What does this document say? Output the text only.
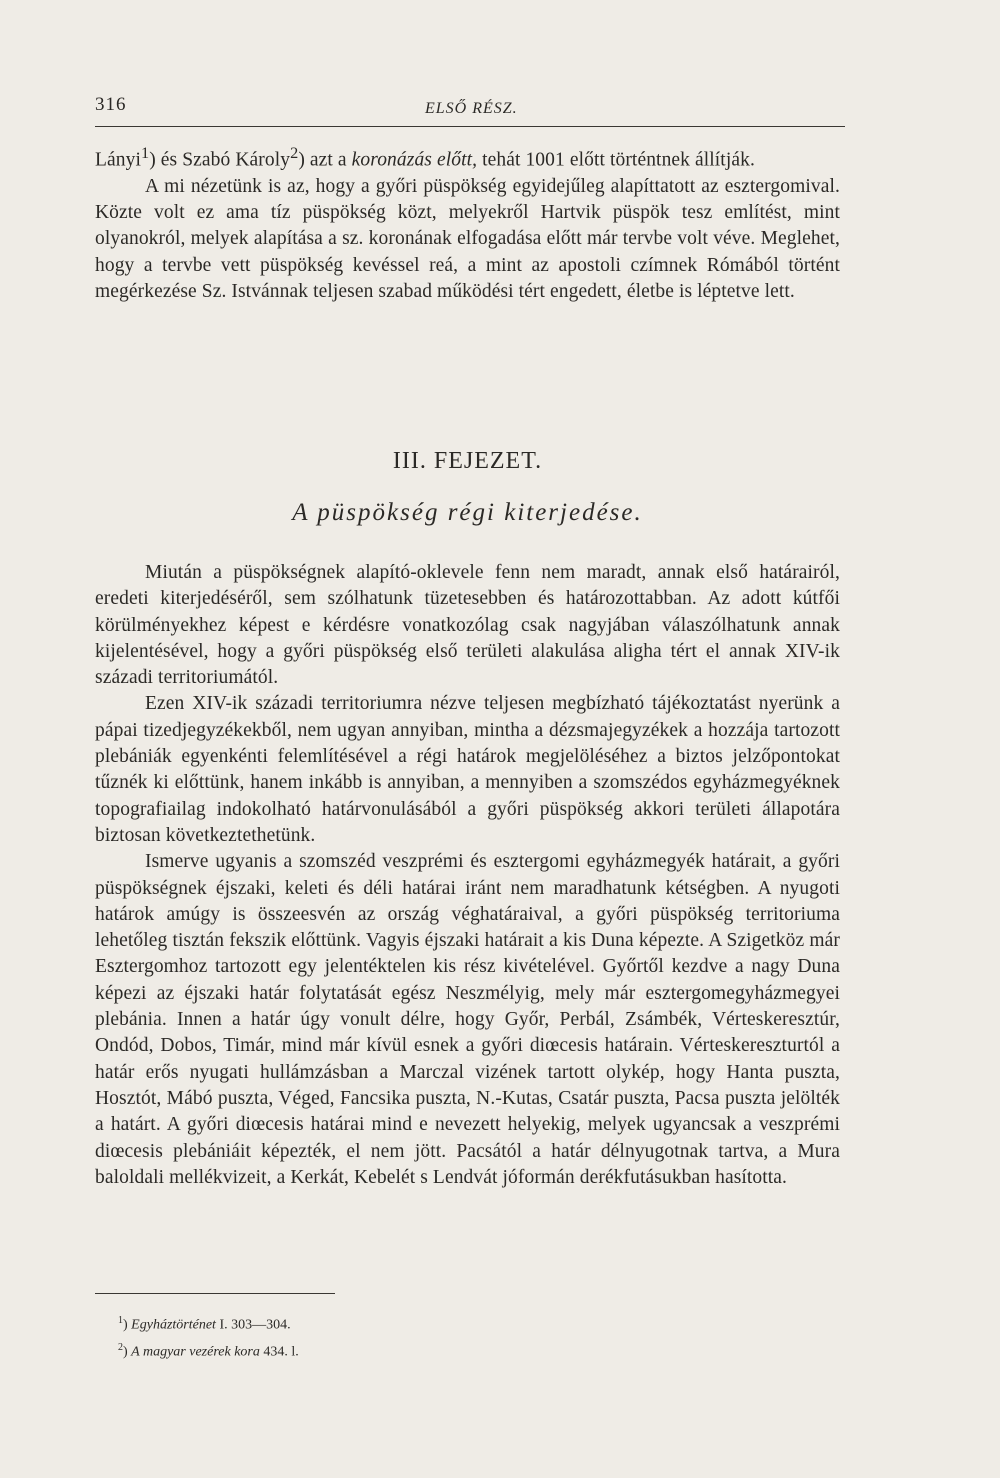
316	ELSŐ RÉSZ.

Lányi$^1$) és Szabó Károly$^2$) azt a koronázás előtt, tehát 1001 előtt történtnek állítják.

A mi nézetünk is az, hogy a győri püspökség egyidejűleg alapíttatott az esztergomival. Közte volt ez ama tíz püspökség közt, melyekről Hartvik püspök tesz említést, mint olyanokról, melyek alapítása a sz. koronának elfogadása előtt már tervbe volt véve. Meglehet, hogy a tervbe vett püspökség kevéssel reá, a mint az apostoli czímnek Rómából történt megérkezése Sz. Istvánnak teljesen szabad működési tért engedett, életbe is léptetve lett.

III. FEJEZET.

A püspökség régi kiterjedése.

Miután a püspökségnek alapító-oklevele fenn nem maradt, annak első határairól, eredeti kiterjedéséről, sem szólhatunk tüzetesebben és határozottabban. Az adott kútfői körülményekhez képest e kérdésre vonatkozólag csak nagyjában válaszólhatunk annak kijelentésével, hogy a győri püspökség első területi alakulása aligha tért el annak XIV-ik századi territoriumától.

Ezen XIV-ik századi territoriumra nézve teljesen megbízható tájékoztatást nyerünk a pápai tizedjegyzékekből, nem ugyan annyiban, mintha a dézsmajegyzékek a hozzája tartozott plebániák egyenkénti felemlítésével a régi határok megjelöléséhez a biztos jelzőpontokat tűznék ki előttünk, hanem inkább is annyiban, a mennyiben a szomszédos egyházmegyéknek topografiailag indokolható határvonulásából a győri püspökség akkori területi állapotára biztosan következtethetünk.

Ismerve ugyanis a szomszéd veszprémi és esztergomi egyházmegyék határait, a győri püspökségnek éjszaki, keleti és déli határai iránt nem maradhatunk kétségben. A nyugoti határok amúgy is összeesvén az ország véghatáraival, a győri püspökség territoriuma lehetőleg tisztán fekszik előttünk. Vagyis éjszaki határait a kis Duna képezte. A Szigetköz már Esztergomhoz tartozott egy jelentéktelen kis rész kivételével. Győrtől kezdve a nagy Duna képezi az éjszaki határ folytatását egész Neszmélyig, mely már esztergomegyházmegyei plebánia. Innen a határ úgy vonult délre, hogy Győr, Perbál, Zsámbék, Vérteskeresztúr, Ondód, Dobos, Timár, mind már kívül esnek a győri diœcesis határain. Vérteskereszturtól a határ erős nyugati hullámzásban a Marczal vizének tartott olykép, hogy Hanta puszta, Hosztót, Mábó puszta, Véged, Fancsika puszta, N.-Kutas, Csatár puszta, Pacsa puszta jelölték a határt. A győri diœcesis határai mind e nevezett helyekig, melyek ugyancsak a veszprémi diœcesis plebániáit képezték, el nem jött. Pacsától a határ délnyugotnak tartva, a Mura baloldali mellékvizeit, a Kerkát, Kebelét s Lendvát jóformán derékfutásukban hasította.

$^1$) Egyháztörténet I. 303—304.

$^2$) A magyar vezérek kora 434. l.
